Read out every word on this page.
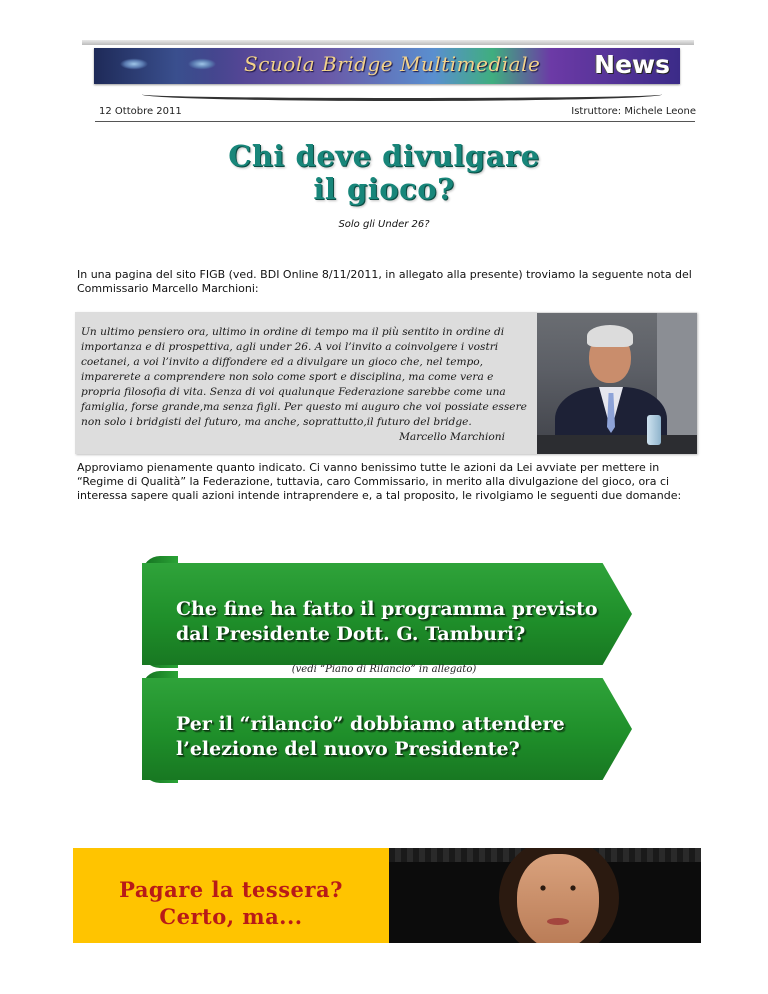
Scuola Bridge Multimediale News
12 Ottobre 2011	Istruttore: Michele Leone
Chi deve divulgare
il gioco?
Solo gli Under 26?
In una pagina del sito FIGB (ved. BDI Online 8/11/2011, in allegato alla presente) troviamo la seguente nota del Commissario Marcello Marchioni:
Un ultimo pensiero ora, ultimo in ordine di tempo ma il più sentito in ordine di importanza e di prospettiva, agli under 26. A voi l’invito a coinvolgere i vostri coetanei, a voi l’invito a diffondere ed a divulgare un gioco che, nel tempo, imparerete a comprendere non solo come sport e disciplina, ma come vera e propria filosofia di vita. Senza di voi qualunque Federazione sarebbe come una famiglia, forse grande,ma senza figli. Per questo mi auguro che voi possiate essere non solo i bridgisti del futuro, ma anche, soprattutto,il futuro del bridge.
Marcello Marchioni
Approviamo pienamente quanto indicato. Ci vanno benissimo tutte le azioni da Lei avviate per mettere in “Regime di Qualità” la Federazione, tuttavia, caro Commissario, in merito alla divulgazione del gioco, ora ci interessa sapere quali azioni intende intraprendere e, a tal proposito, le rivolgiamo le seguenti due domande:
Che fine ha fatto il programma previsto
dal Presidente Dott. G. Tamburi?
(vedi “Piano di Rilancio” in allegato)
Per il “rilancio” dobbiamo attendere
l’elezione del nuovo Presidente?
Pagare la tessera?
Certo, ma...
